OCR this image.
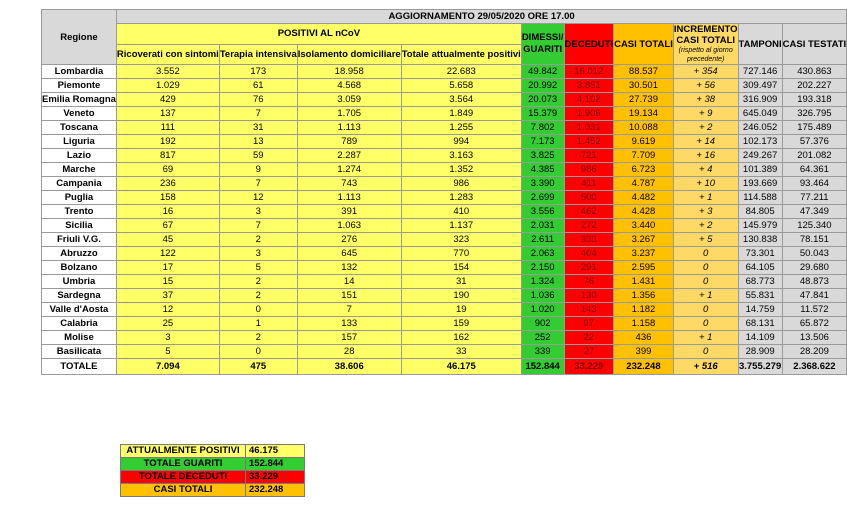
Regione	AGGIORNAMENTO 29/05/2020 ORE 17.00									
	POSITIVI AL nCoV				DIMESSI/ GUARITI	DECEDUTI	CASI TOTALI	INCREMENTO CASI TOTALI
(rispetto al giorno precedente)	TAMPONI	CASI TESTATI
	Ricoverati con sintomi	Terapia intensiva	Isolamento domiciliare	Totale attualmente positivi						
Lombardia	3.552	173	18.958	22.683	49.842	16.012	88.537	+ 354	727.146	430.863
Piemonte	1.029	61	4.568	5.658	20.992	3.851	30.501	+ 56	309.497	202.227
Emilia Romagna	429	76	3.059	3.564	20.073	4.102	27.739	+ 38	316.909	193.318
Veneto	137	7	1.705	1.849	15.379	1.906	19.134	+ 9	645.049	326.795
Toscana	111	31	1.113	1.255	7.802	1.031	10.088	+ 2	246.052	175.489
Liguria	192	13	789	994	7.173	1.452	9.619	+ 14	102.173	57.376
Lazio	817	59	2.287	3.163	3.825	721	7.709	+ 16	249.267	201.082
Marche	69	9	1.274	1.352	4.385	986	6.723	+ 4	101.389	64.361
Campania	236	7	743	986	3.390	411	4.787	+ 10	193.669	93.464
Puglia	158	12	1.113	1.283	2.699	500	4.482	+ 1	114.588	77.211
Trento	16	3	391	410	3.556	462	4.428	+ 3	84.805	47.349
Sicilia	67	7	1.063	1.137	2.031	272	3.440	+ 2	145.979	125.340
Friuli V.G.	45	2	276	323	2.611	333	3.267	+ 5	130.838	78.151
Abruzzo	122	3	645	770	2.063	404	3.237	0	73.301	50.043
Bolzano	17	5	132	154	2.150	291	2.595	0	64.105	29.680
Umbria	15	2	14	31	1.324	76	1.431	0	68.773	48.873
Sardegna	37	2	151	190	1.036	130	1.356	+ 1	55.831	47.841
Valle d'Aosta	12	0	7	19	1.020	143	1.182	0	14.759	11.572
Calabria	25	1	133	159	902	97	1.158	0	68.131	65.872
Molise	3	2	157	162	252	22	436	+ 1	14.109	13.506
Basilicata	5	0	28	33	339	27	399	0	28.909	28.209
TOTALE	7.094	475	38.606	46.175	152.844	33.229	232.248	+ 516	3.755.279	2.368.622
ATTUALMENTE POSITIVI	46.175
TOTALE GUARITI	152.844
TOTALE DECEDUTI	33.229
CASI TOTALI	232.248
